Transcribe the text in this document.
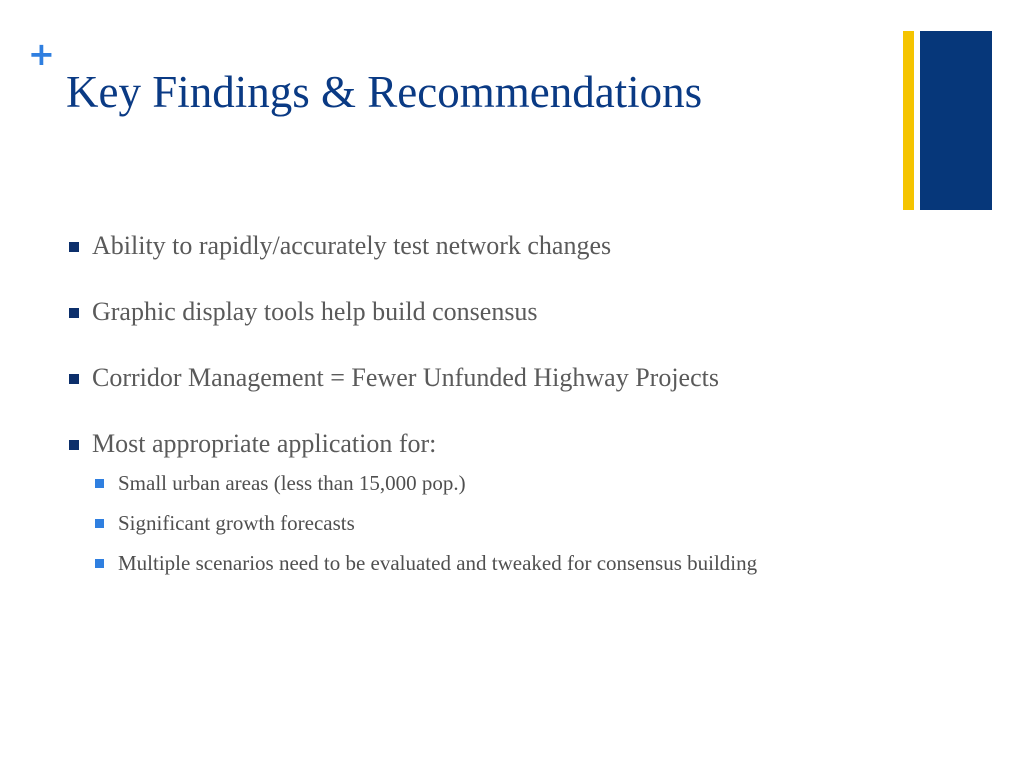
+
Key Findings & Recommendations
Ability to rapidly/accurately test network changes
Graphic display tools help build consensus
Corridor Management = Fewer Unfunded Highway Projects
Most appropriate application for:
Small urban areas (less than 15,000 pop.)
Significant growth forecasts
Multiple scenarios need to be evaluated and tweaked for consensus building
